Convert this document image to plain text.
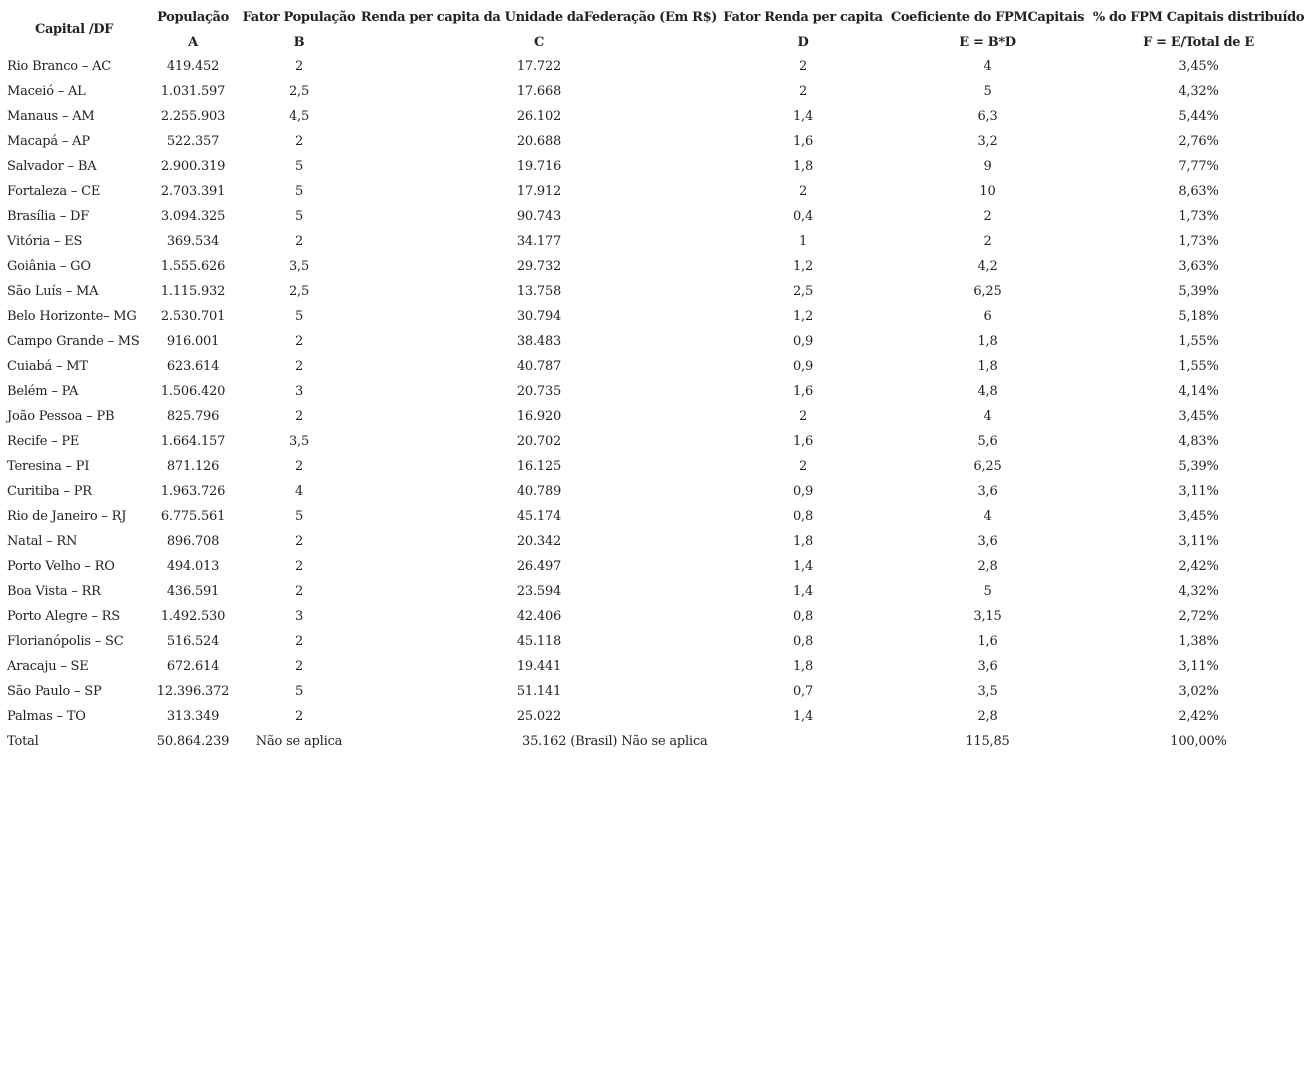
Capital /DF	População	Fator População	Renda per capita da Unidade daFederação (Em R$)	Fator Renda per capita	Coeficiente do FPMCapitais	% do FPM Capitais distribuído
	A	B	C	D	E = B*D	F = E/Total de E
Rio Branco – AC	419.452	2	17.722	2	4	3,45%
Maceió – AL	1.031.597	2,5	17.668	2	5	4,32%
Manaus – AM	2.255.903	4,5	26.102	1,4	6,3	5,44%
Macapá – AP	522.357	2	20.688	1,6	3,2	2,76%
Salvador – BA	2.900.319	5	19.716	1,8	9	7,77%
Fortaleza – CE	2.703.391	5	17.912	2	10	8,63%
Brasília – DF	3.094.325	5	90.743	0,4	2	1,73%
Vitória – ES	369.534	2	34.177	1	2	1,73%
Goiânia – GO	1.555.626	3,5	29.732	1,2	4,2	3,63%
São Luís – MA	1.115.932	2,5	13.758	2,5	6,25	5,39%
Belo Horizonte– MG	2.530.701	5	30.794	1,2	6	5,18%
Campo Grande – MS	916.001	2	38.483	0,9	1,8	1,55%
Cuiabá – MT	623.614	2	40.787	0,9	1,8	1,55%
Belém – PA	1.506.420	3	20.735	1,6	4,8	4,14%
João Pessoa – PB	825.796	2	16.920	2	4	3,45%
Recife – PE	1.664.157	3,5	20.702	1,6	5,6	4,83%
Teresina – PI	871.126	2	16.125	2	6,25	5,39%
Curitiba – PR	1.963.726	4	40.789	0,9	3,6	3,11%
Rio de Janeiro – RJ	6.775.561	5	45.174	0,8	4	3,45%
Natal – RN	896.708	2	20.342	1,8	3,6	3,11%
Porto Velho – RO	494.013	2	26.497	1,4	2,8	2,42%
Boa Vista – RR	436.591	2	23.594	1,4	5	4,32%
Porto Alegre – RS	1.492.530	3	42.406	0,8	3,15	2,72%
Florianópolis – SC	516.524	2	45.118	0,8	1,6	1,38%
Aracaju – SE	672.614	2	19.441	1,8	3,6	3,11%
São Paulo – SP	12.396.372	5	51.141	0,7	3,5	3,02%
Palmas – TO	313.349	2	25.022	1,4	2,8	2,42%
Total	50.864.239	Não se aplica	35.162 (Brasil) Não se aplica		115,85	100,00%
